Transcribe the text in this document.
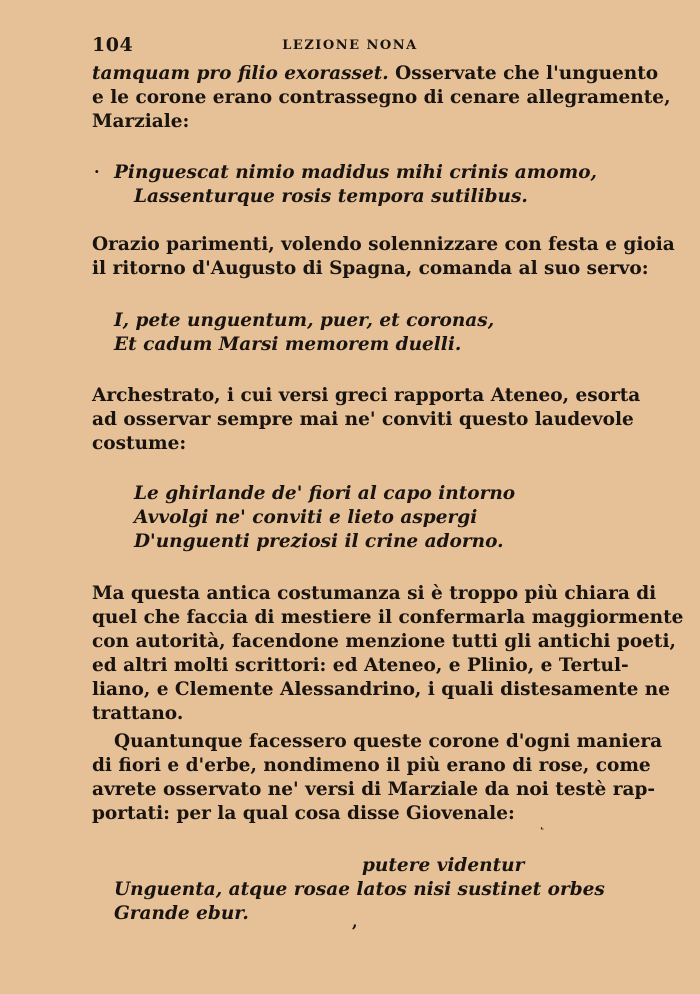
104	LEZIONE NONA
tamquam pro filio exorasset. Osservate che l'unguento
e le corone erano contrassegno di cenare allegramente,
Marziale:
· Pinguescat nimio madidus mihi crinis amomo,
Lassenturque rosis tempora sutilibus.
Orazio parimenti, volendo solennizzare con festa e gioia
il ritorno d'Augusto di Spagna, comanda al suo servo:
I, pete unguentum, puer, et coronas,
Et cadum Marsi memorem duelli.
Archestrato, i cui versi greci rapporta Ateneo, esorta
ad osservar sempre mai ne' conviti questo laudevole
costume:
Le ghirlande de' fiori al capo intorno
Avvolgi ne' conviti e lieto aspergi
D'unguenti preziosi il crine adorno.
Ma questa antica costumanza si è troppo più chiara di
quel che faccia di mestiere il confermarla maggiormente
con autorità, facendone menzione tutti gli antichi poeti,
ed altri molti scrittori: ed Ateneo, e Plinio, e Tertul-
liano, e Clemente Alessandrino, i quali distesamente ne
trattano.
Quantunque facessero queste corone d'ogni maniera
di fiori e d'erbe, nondimeno il più erano di rose, come
avrete osservato ne' versi di Marziale da noi testè rap-
portati: per la qual cosa disse Giovenale:	˛
putere videntur
Unguenta, atque rosae latos nisi sustinet orbes
Grande ebur.	,
